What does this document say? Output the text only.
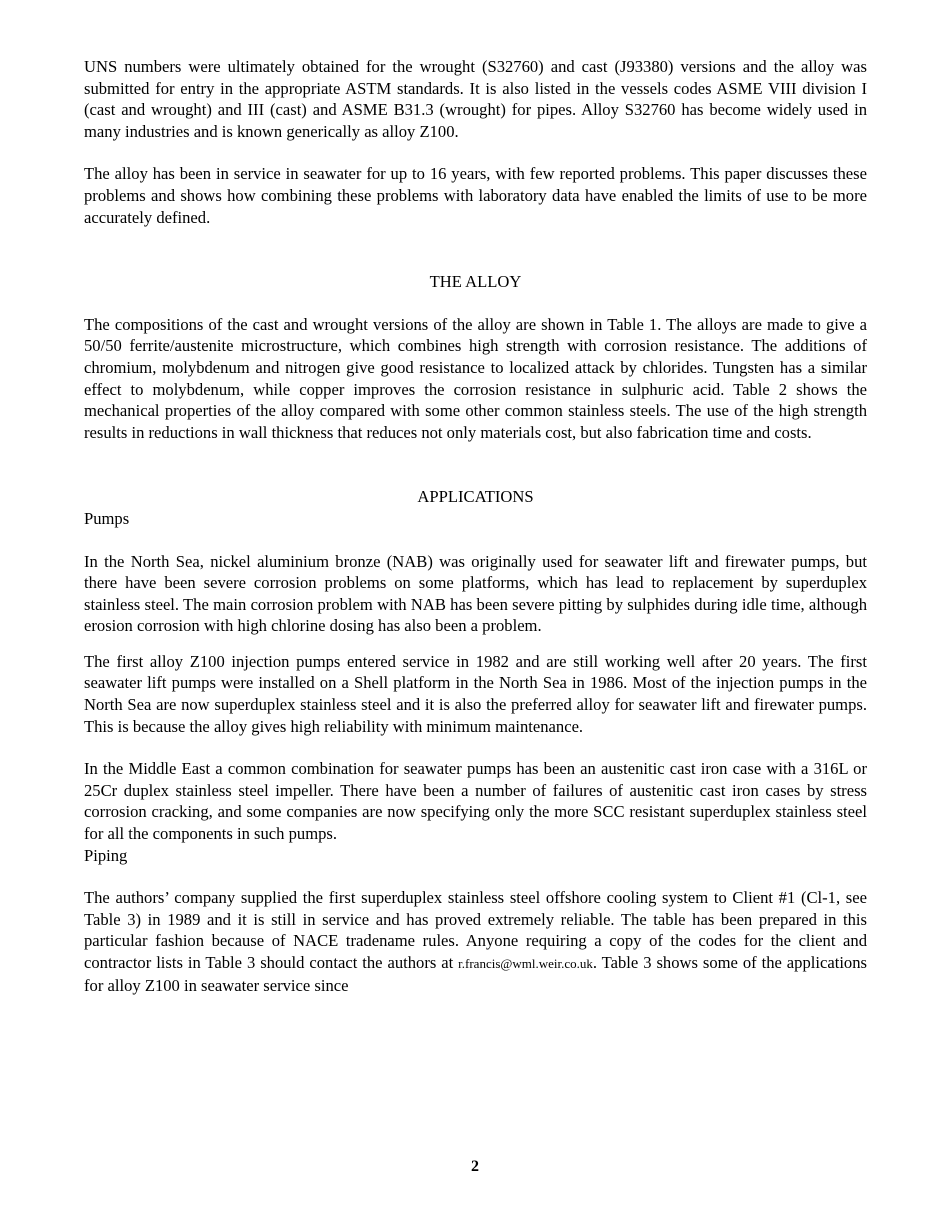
UNS numbers were ultimately obtained for the wrought (S32760) and cast (J93380) versions and the alloy was submitted for entry in the appropriate ASTM standards. It is also listed in the vessels codes ASME VIII division I (cast and wrought) and III (cast) and ASME B31.3 (wrought) for pipes. Alloy S32760 has become widely used in many industries and is known generically as alloy Z100.

The alloy has been in service in seawater for up to 16 years, with few reported problems. This paper discusses these problems and shows how combining these problems with laboratory data have enabled the limits of use to be more accurately defined.

THE ALLOY

The compositions of the cast and wrought versions of the alloy are shown in Table 1. The alloys are made to give a 50/50 ferrite/austenite microstructure, which combines high strength with corrosion resistance. The additions of chromium, molybdenum and nitrogen give good resistance to localized attack by chlorides. Tungsten has a similar effect to molybdenum, while copper improves the corrosion resistance in sulphuric acid. Table 2 shows the mechanical properties of the alloy compared with some other common stainless steels. The use of the high strength results in reductions in wall thickness that reduces not only materials cost, but also fabrication time and costs.

APPLICATIONS

Pumps

In the North Sea, nickel aluminium bronze (NAB) was originally used for seawater lift and firewater pumps, but there have been severe corrosion problems on some platforms, which has lead to replacement by superduplex stainless steel. The main corrosion problem with NAB has been severe pitting by sulphides during idle time, although erosion corrosion with high chlorine dosing has also been a problem.

The first alloy Z100 injection pumps entered service in 1982 and are still working well after 20 years. The first seawater lift pumps were installed on a Shell platform in the North Sea in 1986. Most of the injection pumps in the North Sea are now superduplex stainless steel and it is also the preferred alloy for seawater lift and firewater pumps. This is because the alloy gives high reliability with minimum maintenance.

In the Middle East a common combination for seawater pumps has been an austenitic cast iron case with a 316L or 25Cr duplex stainless steel impeller. There have been a number of failures of austenitic cast iron cases by stress corrosion cracking, and some companies are now specifying only the more SCC resistant superduplex stainless steel for all the components in such pumps.

Piping

The authors’ company supplied the first superduplex stainless steel offshore cooling system to Client #1 (Cl-1, see Table 3) in 1989 and it is still in service and has proved extremely reliable. The table has been prepared in this particular fashion because of NACE tradename rules. Anyone requiring a copy of the codes for the client and contractor lists in Table 3 should contact the authors at r.francis@wml.weir.co.uk. Table 3 shows some of the applications for alloy Z100 in seawater service since

2
